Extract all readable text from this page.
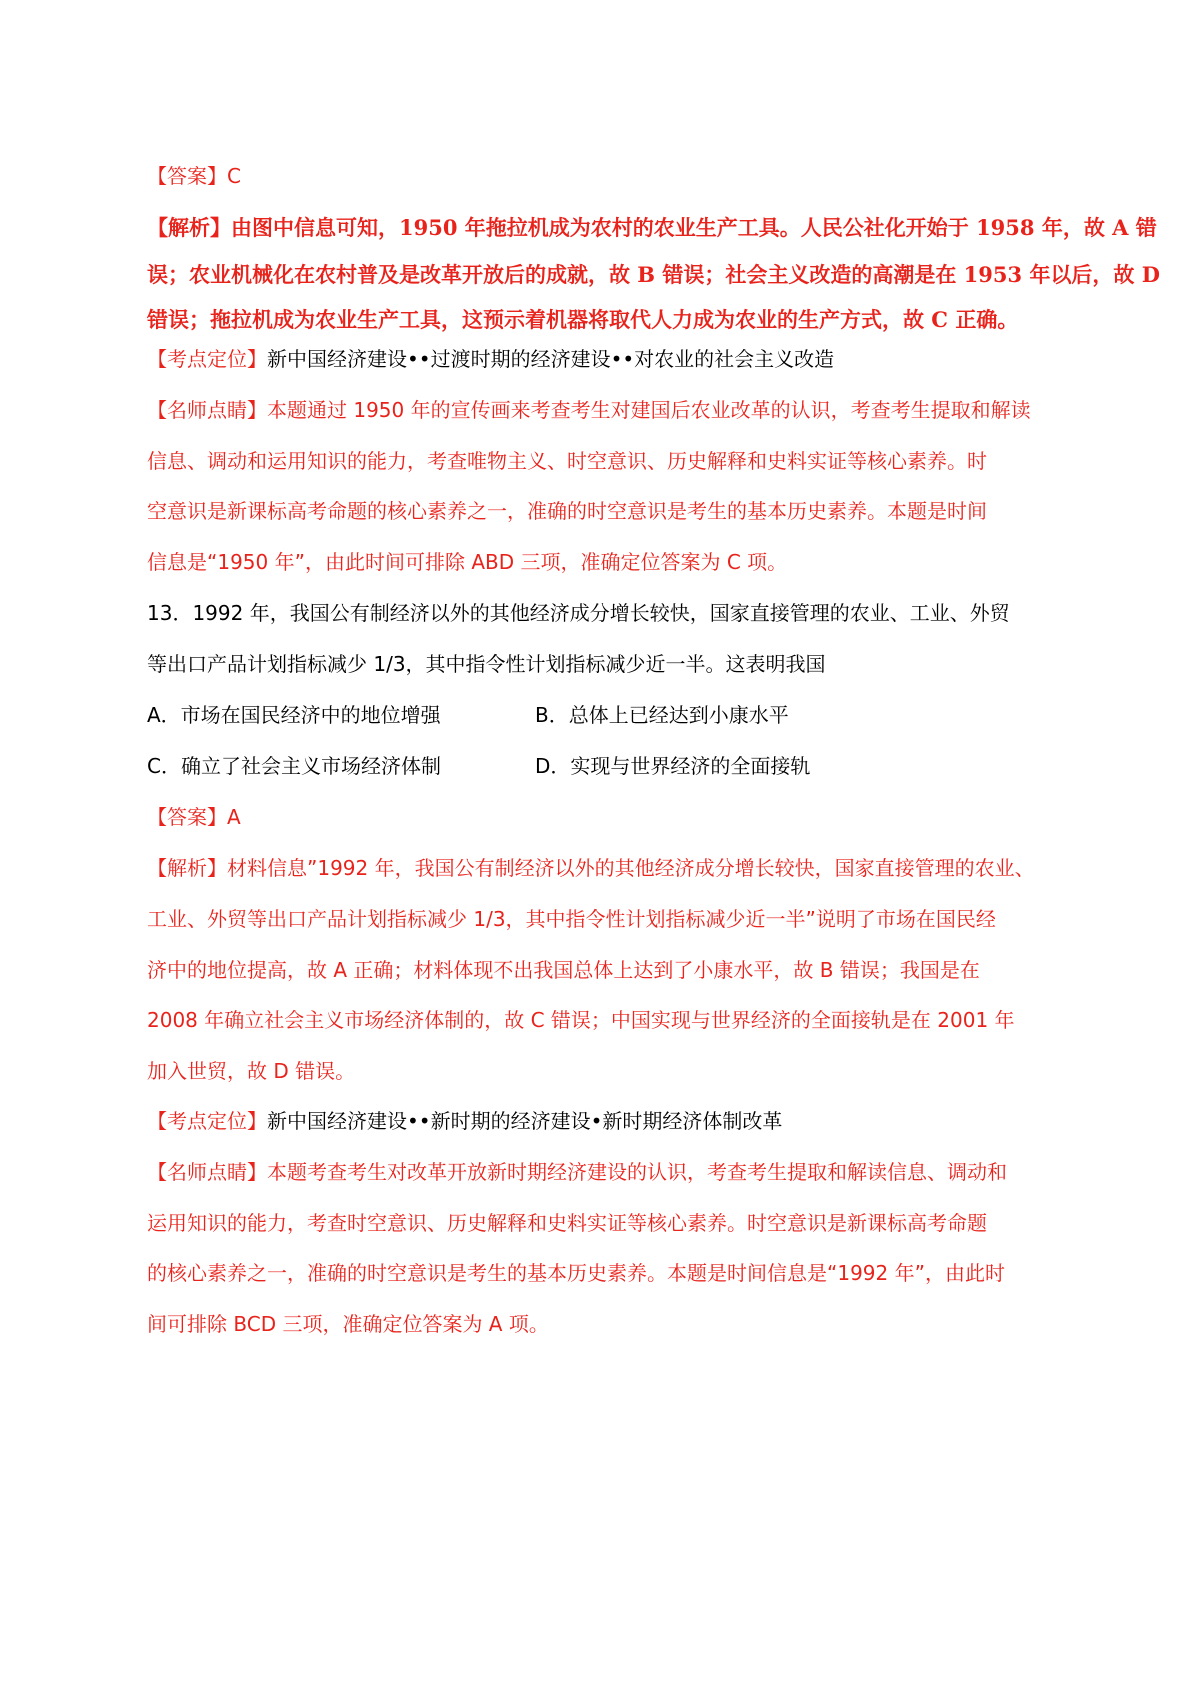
【答案】C
【解析】由图中信息可知，1950 年拖拉机成为农村的农业生产工具。人民公社化开始于 1958 年，故 A 错
误；农业机械化在农村普及是改革开放后的成就，故 B 错误；社会主义改造的高潮是在 1953 年以后，故 D
错误；拖拉机成为农业生产工具，这预示着机器将取代人力成为农业的生产方式，故 C 正确。
【考点定位】新中国经济建设••过渡时期的经济建设••对农业的社会主义改造
【名师点睛】本题通过 1950 年的宣传画来考查考生对建国后农业改革的认识，考查考生提取和解读
信息、调动和运用知识的能力，考查唯物主义、时空意识、历史解释和史料实证等核心素养。时
空意识是新课标高考命题的核心素养之一，准确的时空意识是考生的基本历史素养。本题是时间
信息是“1950 年”，由此时间可排除 ABD 三项，准确定位答案为 C 项。
13．1992 年，我国公有制经济以外的其他经济成分增长较快，国家直接管理的农业、工业、外贸
等出口产品计划指标减少 1/3，其中指令性计划指标减少近一半。这表明我国
A．市场在国民经济中的地位增强	B．总体上已经达到小康水平
C．确立了社会主义市场经济体制	D．实现与世界经济的全面接轨
【答案】A
【解析】材料信息”1992 年，我国公有制经济以外的其他经济成分增长较快，国家直接管理的农业、
工业、外贸等出口产品计划指标减少 1/3，其中指令性计划指标减少近一半”说明了市场在国民经
济中的地位提高，故 A 正确；材料体现不出我国总体上达到了小康水平，故 B 错误；我国是在
2008 年确立社会主义市场经济体制的，故 C 错误；中国实现与世界经济的全面接轨是在 2001 年
加入世贸，故 D 错误。
【考点定位】新中国经济建设••新时期的经济建设•新时期经济体制改革
【名师点睛】本题考查考生对改革开放新时期经济建设的认识，考查考生提取和解读信息、调动和
运用知识的能力，考查时空意识、历史解释和史料实证等核心素养。时空意识是新课标高考命题
的核心素养之一，准确的时空意识是考生的基本历史素养。本题是时间信息是“1992 年”，由此时
间可排除 BCD 三项，准确定位答案为 A 项。
